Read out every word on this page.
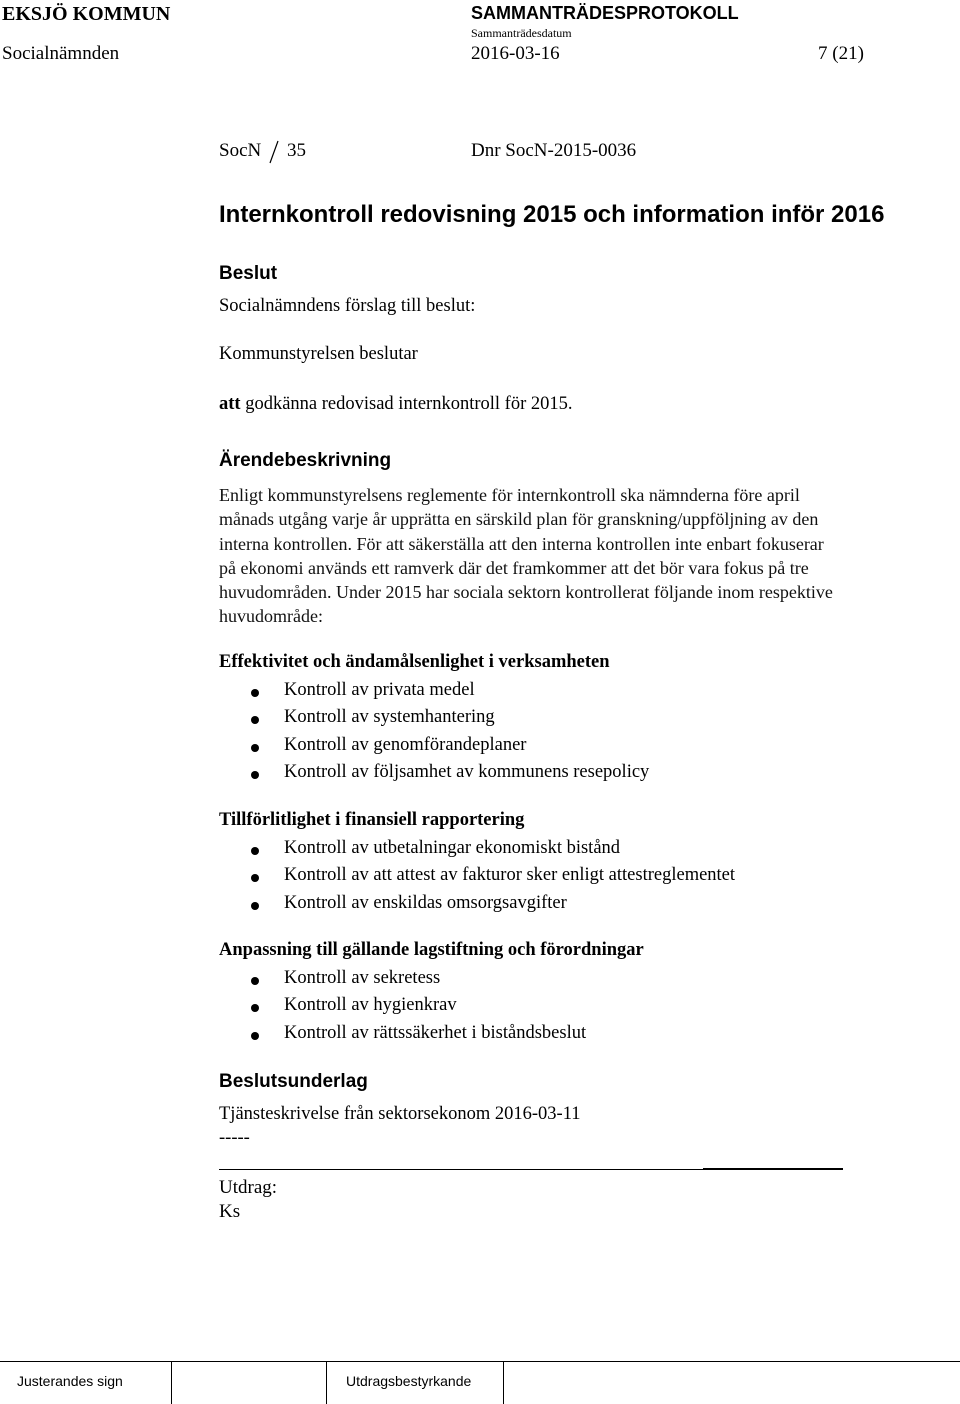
EKSJÖ KOMMUN	SAMMANTRÄDESPROTOKOLL
Sammanträdesdatum
Socialnämnden	2016-03-16	7 (21)
SocN 35	Dnr SocN-2015-0036
Internkontroll redovisning 2015 och information inför 2016
Beslut
Socialnämndens förslag till beslut:
Kommunstyrelsen beslutar
att godkänna redovisad internkontroll för 2015.
Ärendebeskrivning
Enligt kommunstyrelsens reglemente för internkontroll ska nämnderna före april
månads utgång varje år upprätta en särskild plan för granskning/uppföljning av den
interna kontrollen. För att säkerställa att den interna kontrollen inte enbart fokuserar
på ekonomi används ett ramverk där det framkommer att det bör vara fokus på tre
huvudområden. Under 2015 har sociala sektorn kontrollerat följande inom respektive
huvudområde:
Effektivitet och ändamålsenlighet i verksamheten
Kontroll av privata medel
Kontroll av systemhantering
Kontroll av genomförandeplaner
Kontroll av följsamhet av kommunens resepolicy
Tillförlitlighet i finansiell rapportering
Kontroll av utbetalningar ekonomiskt bistånd
Kontroll av att attest av fakturor sker enligt attestreglementet
Kontroll av enskildas omsorgsavgifter
Anpassning till gällande lagstiftning och förordningar
Kontroll av sekretess
Kontroll av hygienkrav
Kontroll av rättssäkerhet i biståndsbeslut
Beslutsunderlag
Tjänsteskrivelse från sektorsekonom 2016-03-11
-----
Utdrag:
Ks
Justerandes sign	Utdragsbestyrkande
